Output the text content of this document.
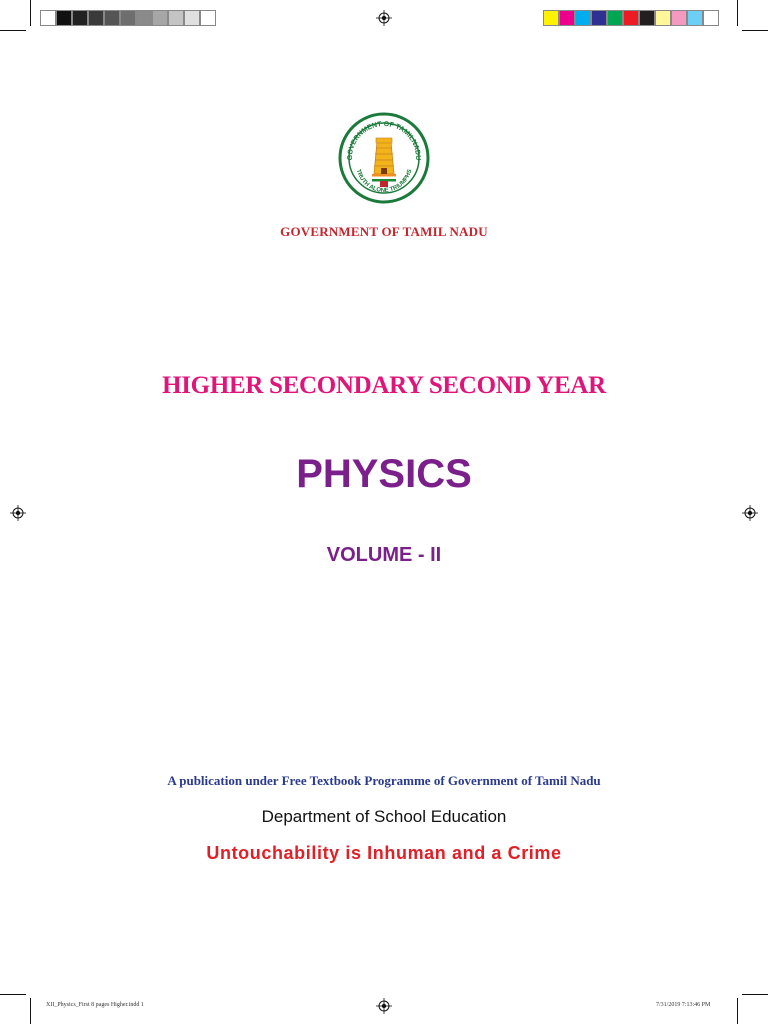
GOVERNMENT OF TAMILNADU
TRUTH ALONE TRIUMPHS
GOVERNMENT OF TAMIL NADU
HIGHER SECONDARY SECOND YEAR
PHYSICS
VOLUME - II
A publication under Free Textbook Programme of Government of Tamil Nadu
Department of School Education
Untouchability is Inhuman and a Crime
XII_Physics_First 8 pages Higher.indd 1	7/31/2019 7:13:46 PM
